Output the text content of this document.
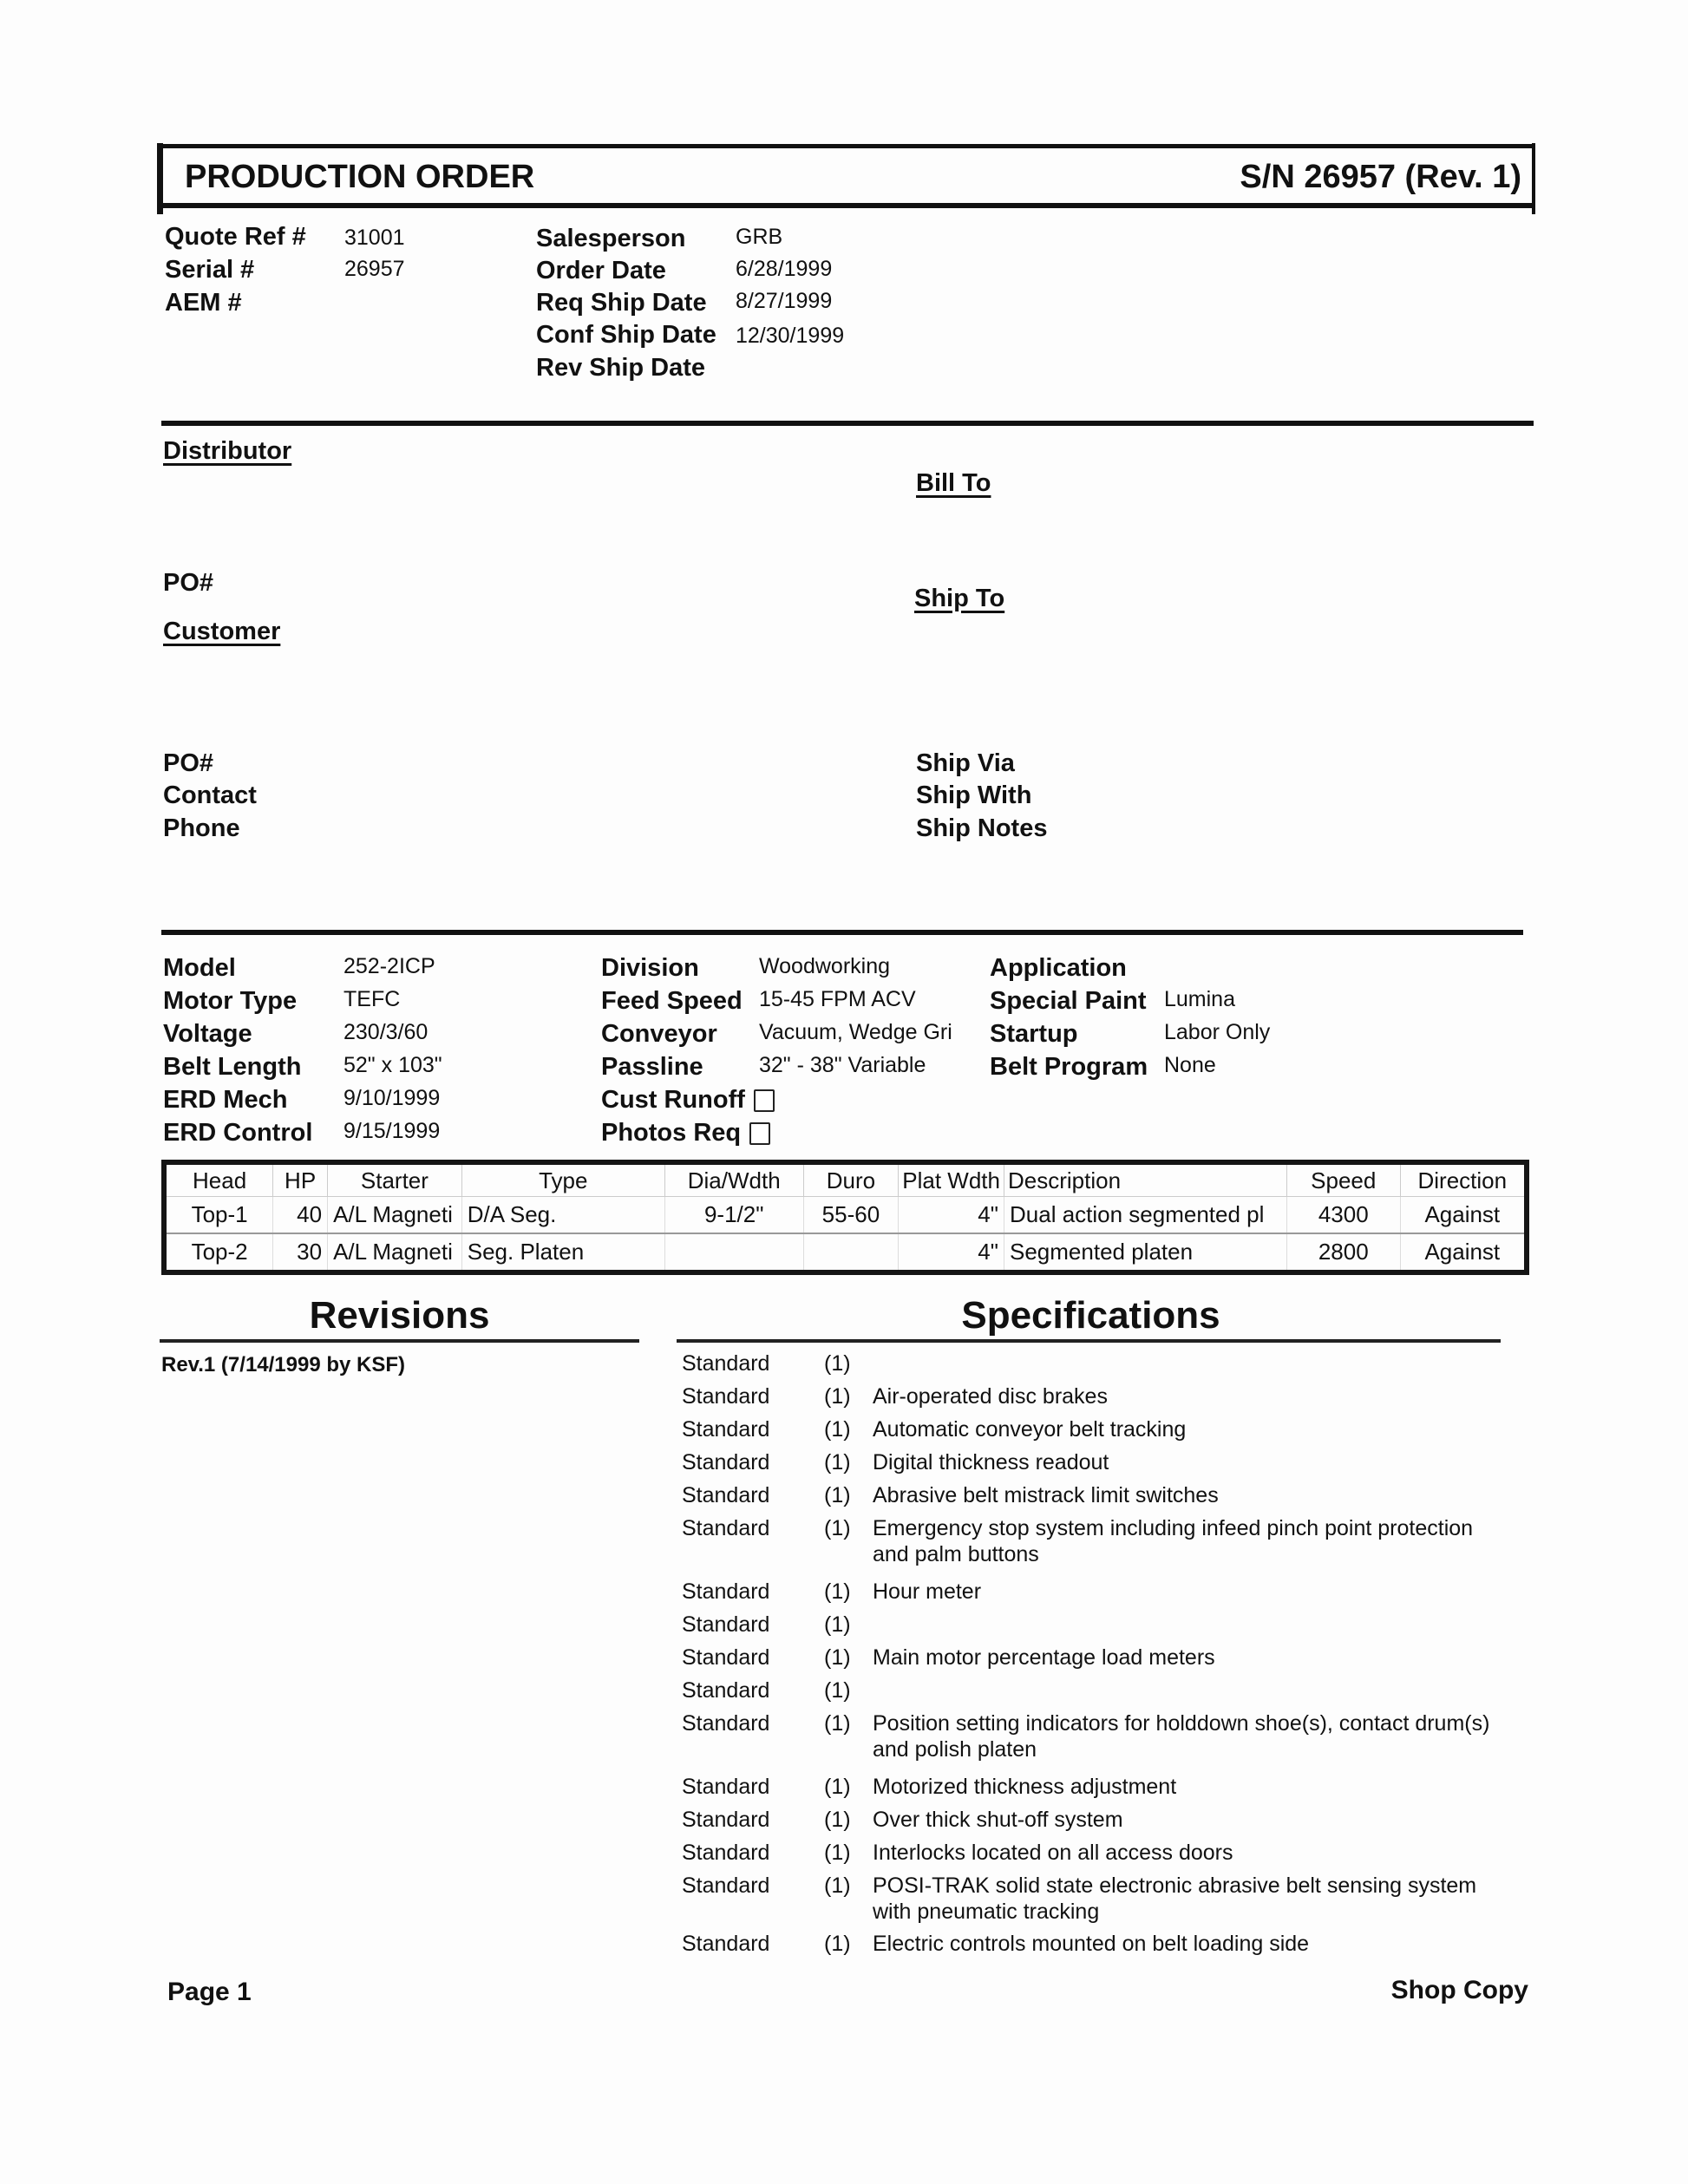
PRODUCTION ORDER	S/N 26957 (Rev. 1)
Quote Ref # 31001
Serial #	26957
AEM #
Salesperson GRB
Order Date	6/28/1999
Req Ship Date 8/27/1999
Conf Ship Date 12/30/1999
Rev Ship Date
Distributor
Bill To
PO#
Ship To
Customer
PO#
Contact
Phone
Ship Via
Ship With
Ship Notes
Model	252-2ICP
Motor Type TEFC
Voltage	230/3/60
Belt Length 52" x 103"
ERD Mech	9/10/1999
ERD Control 9/15/1999
Division	Woodworking
Feed Speed 15-45 FPM ACV
Conveyor Vacuum, Wedge Gri
Passline	32" - 38" Variable
Cust Runoff
Photos Req
Application
Special Paint Lumina
Startup	Labor Only
Belt Program None
Head	HP	Starter	Type	Dia/Wdth	Duro	Plat Wdth	Description	Speed	Direction
Top-1	40	A/L Magneti	D/A Seg.	9-1/2"	55-60	4"	Dual action segmented pl	4300	Against
Top-2	30	A/L Magneti	Seg. Platen			4"	Segmented platen	2800	Against
Revisions
Rev.1 (7/14/1999 by KSF)
Specifications
Standard	(1)
Standard	(1) Air-operated disc brakes
Standard	(1) Automatic conveyor belt tracking
Standard	(1) Digital thickness readout
Standard	(1) Abrasive belt mistrack limit switches
Standard	(1) Emergency stop system including infeed pinch point protection and palm buttons
Standard	(1) Hour meter
Standard	(1)
Standard	(1) Main motor percentage load meters
Standard	(1)
Standard	(1) Position setting indicators for holddown shoe(s), contact drum(s) and polish platen
Standard	(1) Motorized thickness adjustment
Standard	(1) Over thick shut-off system
Standard	(1) Interlocks located on all access doors
Standard	(1) POSI-TRAK solid state electronic abrasive belt sensing system with pneumatic tracking
Standard	(1) Electric controls mounted on belt loading side
Page 1	Shop Copy
